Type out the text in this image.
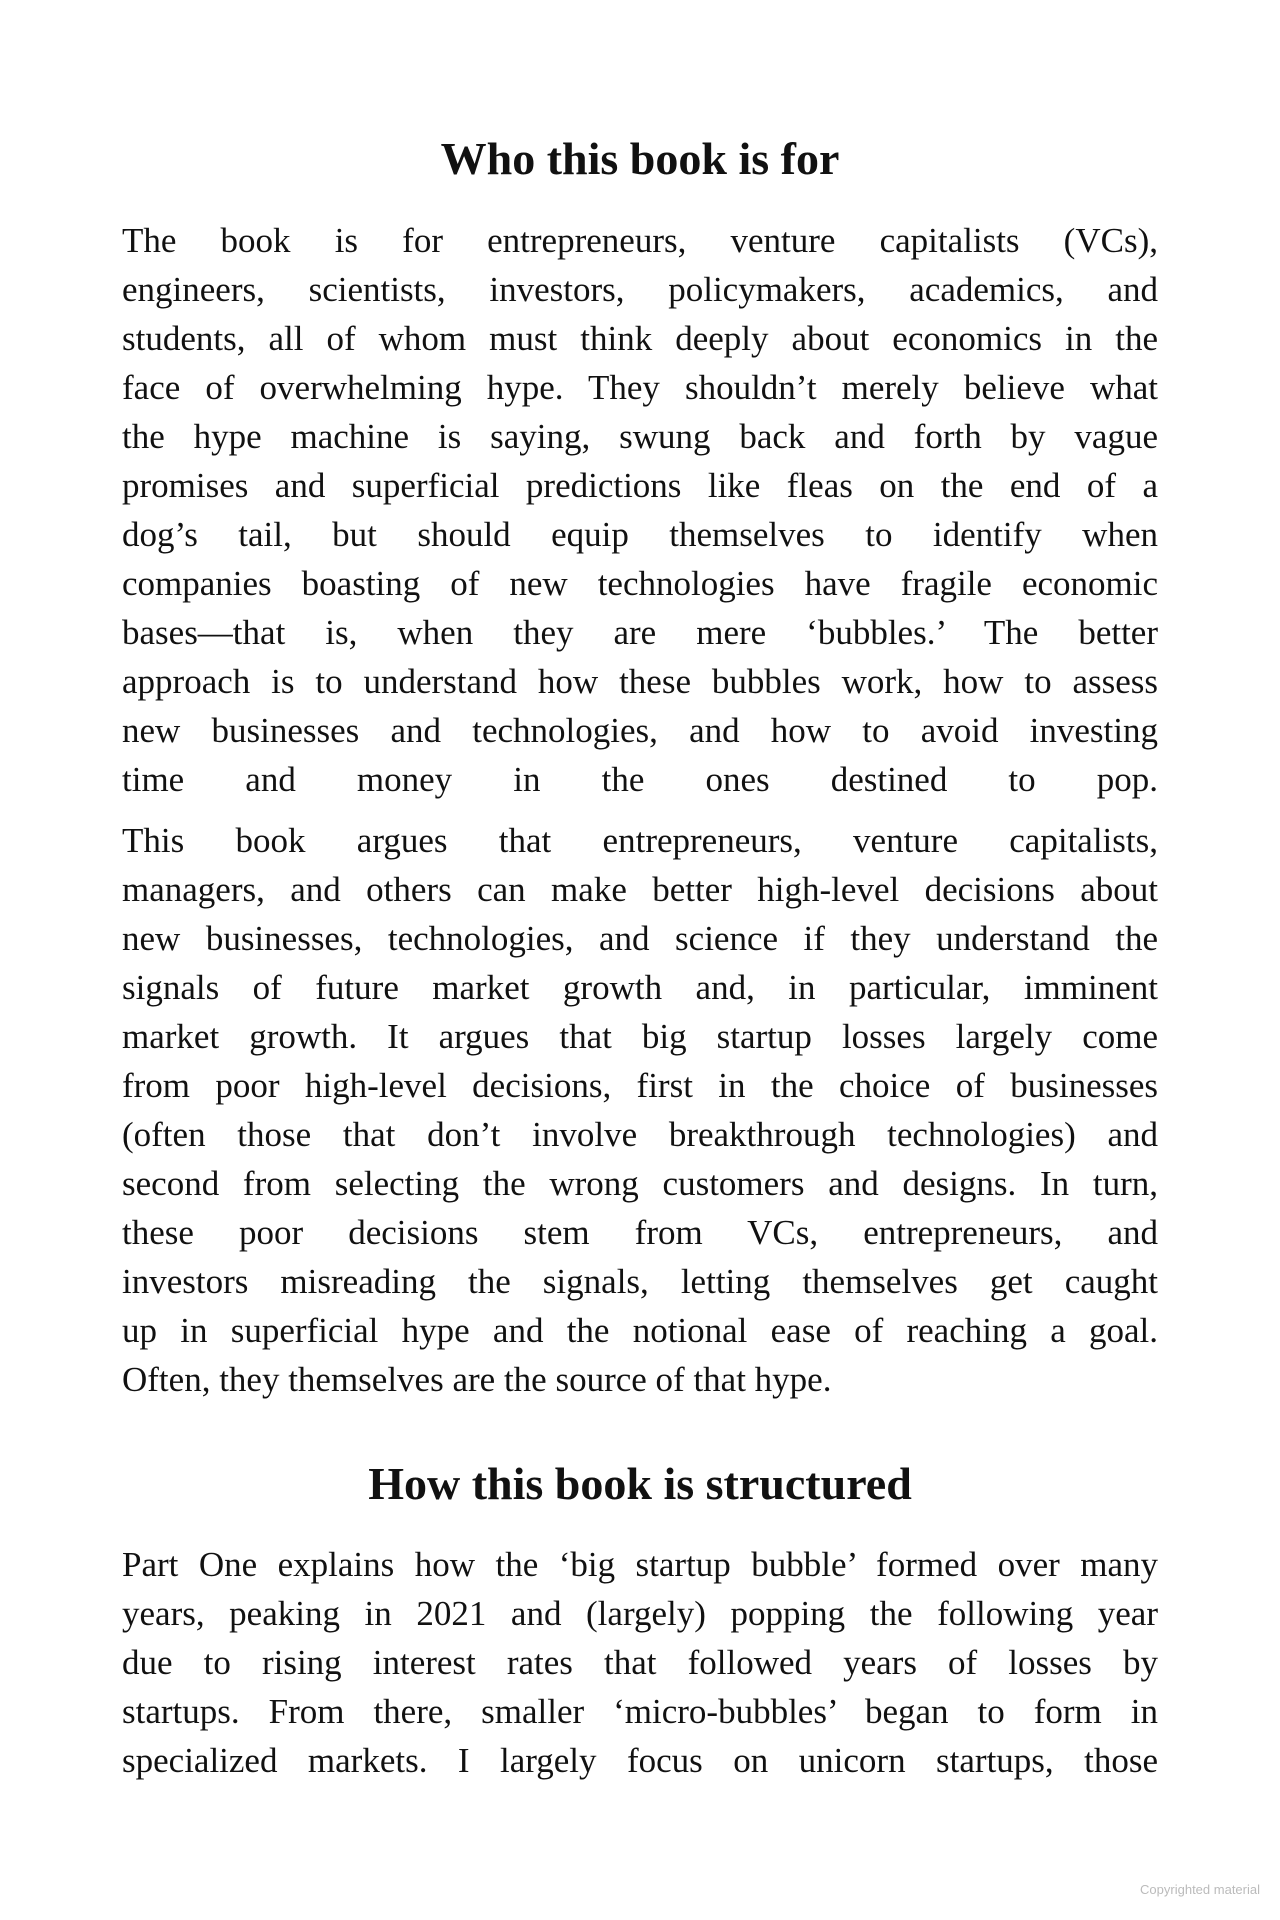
Who this book is for
The book is for entrepreneurs, venture capitalists (VCs),
engineers, scientists, investors, policymakers, academics, and
students, all of whom must think deeply about economics in the
face of overwhelming hype. They shouldn’t merely believe what
the hype machine is saying, swung back and forth by vague
promises and superficial predictions like fleas on the end of a
dog’s tail, but should equip themselves to identify when
companies boasting of new technologies have fragile economic
bases—that is, when they are mere ‘bubbles.’ The better
approach is to understand how these bubbles work, how to assess
new businesses and technologies, and how to avoid investing
time and money in the ones destined to pop.
This book argues that entrepreneurs, venture capitalists,
managers, and others can make better high-level decisions about
new businesses, technologies, and science if they understand the
signals of future market growth and, in particular, imminent
market growth. It argues that big startup losses largely come
from poor high-level decisions, first in the choice of businesses
(often those that don’t involve breakthrough technologies) and
second from selecting the wrong customers and designs. In turn,
these poor decisions stem from VCs, entrepreneurs, and
investors misreading the signals, letting themselves get caught
up in superficial hype and the notional ease of reaching a goal.
Often, they themselves are the source of that hype.
How this book is structured
Part One explains how the ‘big startup bubble’ formed over many
years, peaking in 2021 and (largely) popping the following year
due to rising interest rates that followed years of losses by
startups. From there, smaller ‘micro-bubbles’ began to form in
specialized markets. I largely focus on unicorn startups, those
Copyrighted material
